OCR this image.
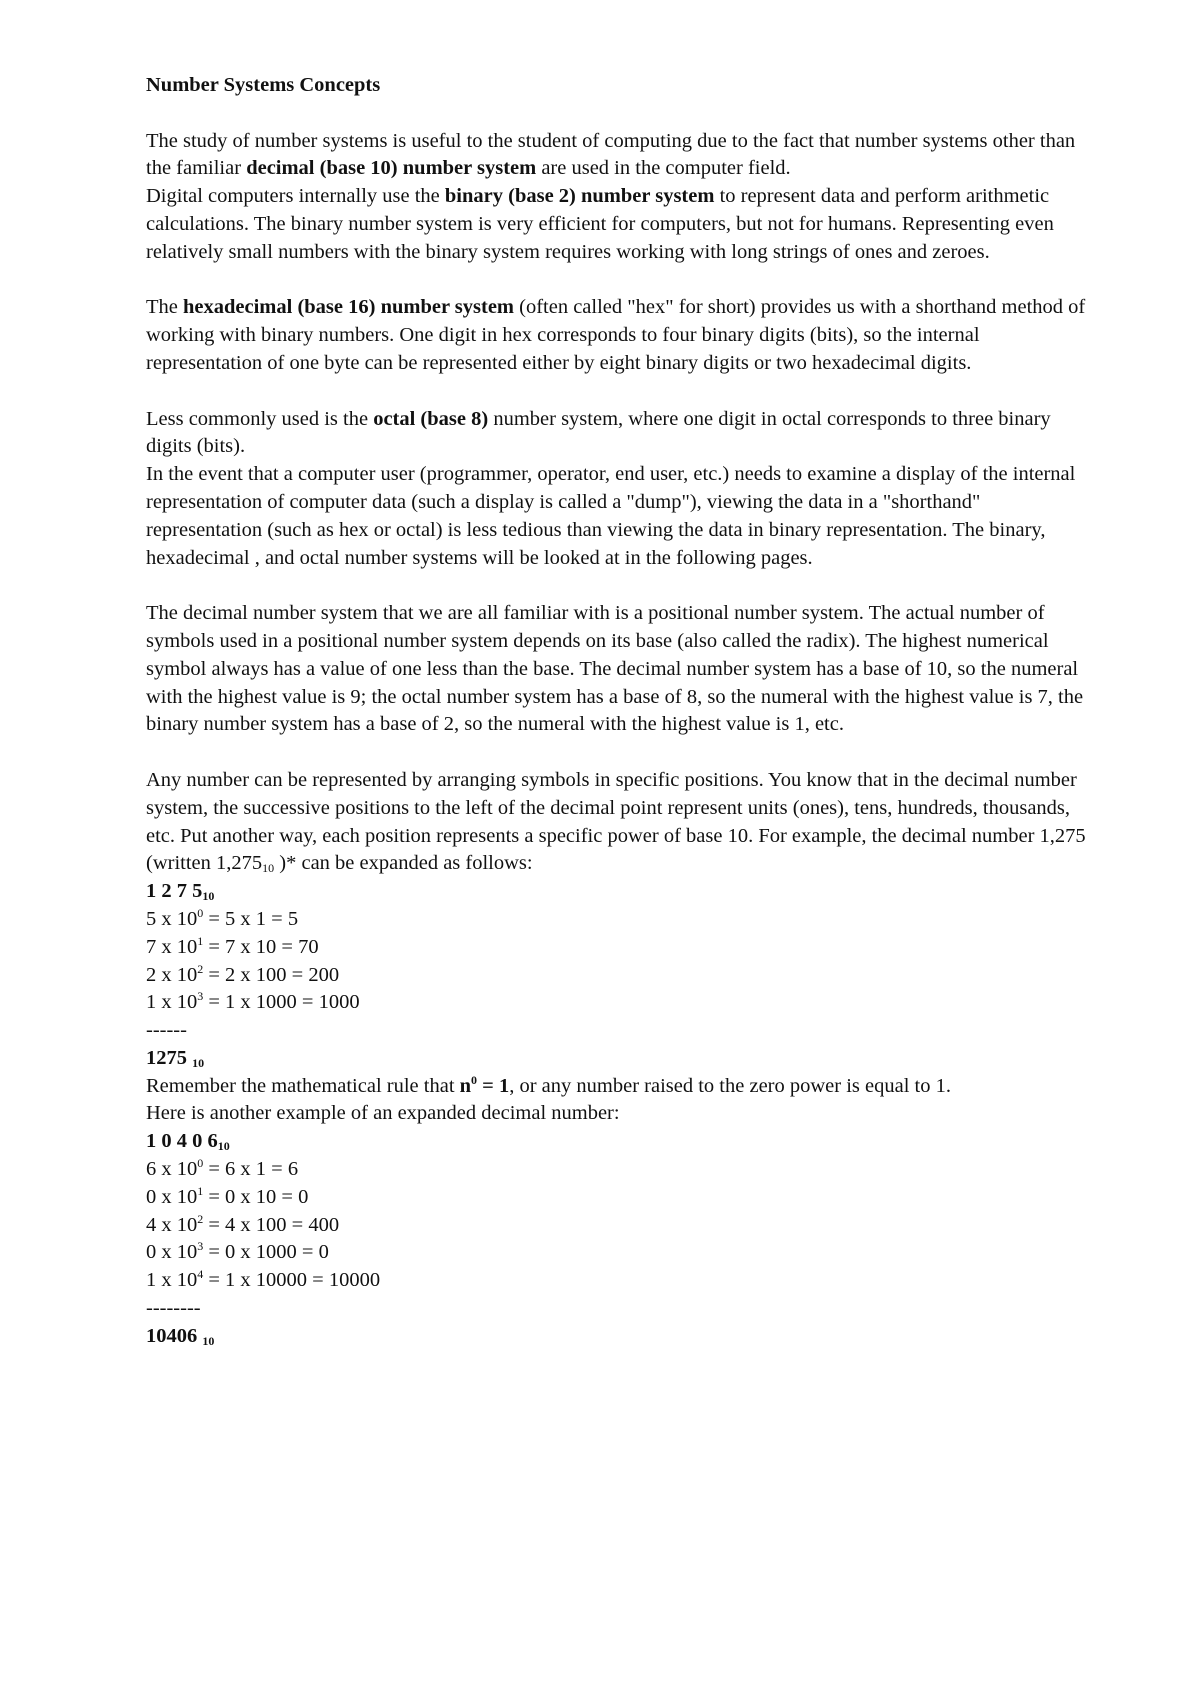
Number Systems Concepts

The study of number systems is useful to the student of computing due to the fact that number systems other than the familiar decimal (base 10) number system are used in the computer field.

Digital computers internally use the binary (base 2) number system to represent data and perform arithmetic calculations. The binary number system is very efficient for computers, but not for humans. Representing even relatively small numbers with the binary system requires working with long strings of ones and zeroes.

The hexadecimal (base 16) number system (often called "hex" for short) provides us with a shorthand method of working with binary numbers. One digit in hex corresponds to four binary digits (bits), so the internal representation of one byte can be represented either by eight binary digits or two hexadecimal digits.

Less commonly used is the octal (base 8) number system, where one digit in octal corresponds to three binary digits (bits).

In the event that a computer user (programmer, operator, end user, etc.) needs to examine a display of the internal representation of computer data (such a display is called a "dump"), viewing the data in a "shorthand" representation (such as hex or octal) is less tedious than viewing the data in binary representation. The binary, hexadecimal , and octal number systems will be looked at in the following pages.

The decimal number system that we are all familiar with is a positional number system. The actual number of symbols used in a positional number system depends on its base (also called the radix). The highest numerical symbol always has a value of one less than the base. The decimal number system has a base of 10, so the numeral with the highest value is 9; the octal number system has a base of 8, so the numeral with the highest value is 7, the binary number system has a base of 2, so the numeral with the highest value is 1, etc.

Any number can be represented by arranging symbols in specific positions. You know that in the decimal number system, the successive positions to the left of the decimal point represent units (ones), tens, hundreds, thousands, etc. Put another way, each position represents a specific power of base 10. For example, the decimal number 1,275 (written $1,275_{10}$ )* can be expanded as follows:

1 2 7 $5_{10}$

5 x $10^0 = 5$ x 1 = 5

7 x $10^1 = 7$ x 10 = 70

2 x $10^2 = 2$ x 100 = 200

1 x $10^3 = 1$ x 1000 = 1000

------

1275 $_{10}$

Remember the mathematical rule that $n^0 = 1$, or any number raised to the zero power is equal to 1.

Here is another example of an expanded decimal number:

1 0 4 0 $6_{10}$

6 x $10^0 = 6$ x 1 = 6

0 x $10^1 = 0$ x 10 = 0

4 x $10^2 = 4$ x 100 = 400

0 x $10^3 = 0$ x 1000 = 0

1 x $10^4 = 1$ x 10000 = 10000

--------

10406 $_{10}$
